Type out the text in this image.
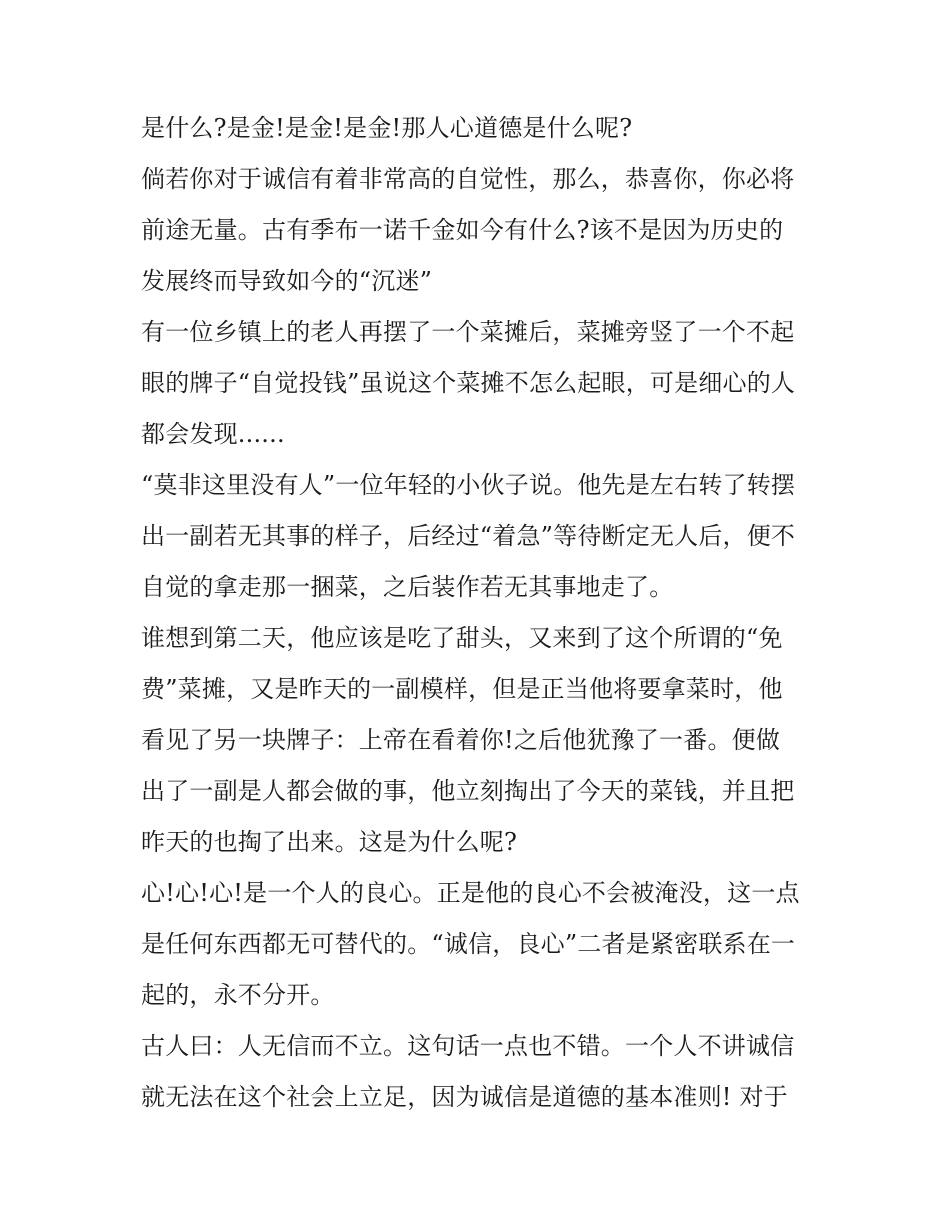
是什么?是金!是金!是金!那人心道德是什么呢?
倘若你对于诚信有着非常高的自觉性，那么，恭喜你，你必将
前途无量。古有季布一诺千金如今有什么?该不是因为历史的
发展终而导致如今的“沉迷”
有一位乡镇上的老人再摆了一个菜摊后，菜摊旁竖了一个不起
眼的牌子“自觉投钱”虽说这个菜摊不怎么起眼，可是细心的人
都会发现......
“莫非这里没有人”一位年轻的小伙子说。他先是左右转了转摆
出一副若无其事的样子，后经过“着急”等待断定无人后，便不
自觉的拿走那一捆菜，之后装作若无其事地走了。
谁想到第二天，他应该是吃了甜头，又来到了这个所谓的“免
费”菜摊，又是昨天的一副模样，但是正当他将要拿菜时，他
看见了另一块牌子：上帝在看着你!之后他犹豫了一番。便做
出了一副是人都会做的事，他立刻掏出了今天的菜钱，并且把
昨天的也掏了出来。这是为什么呢?
心!心!心!是一个人的良心。正是他的良心不会被淹没，这一点
是任何东西都无可替代的。“诚信，良心”二者是紧密联系在一
起的，永不分开。
古人曰：人无信而不立。这句话一点也不错。一个人不讲诚信
就无法在这个社会上立足，因为诚信是道德的基本准则! 对于
